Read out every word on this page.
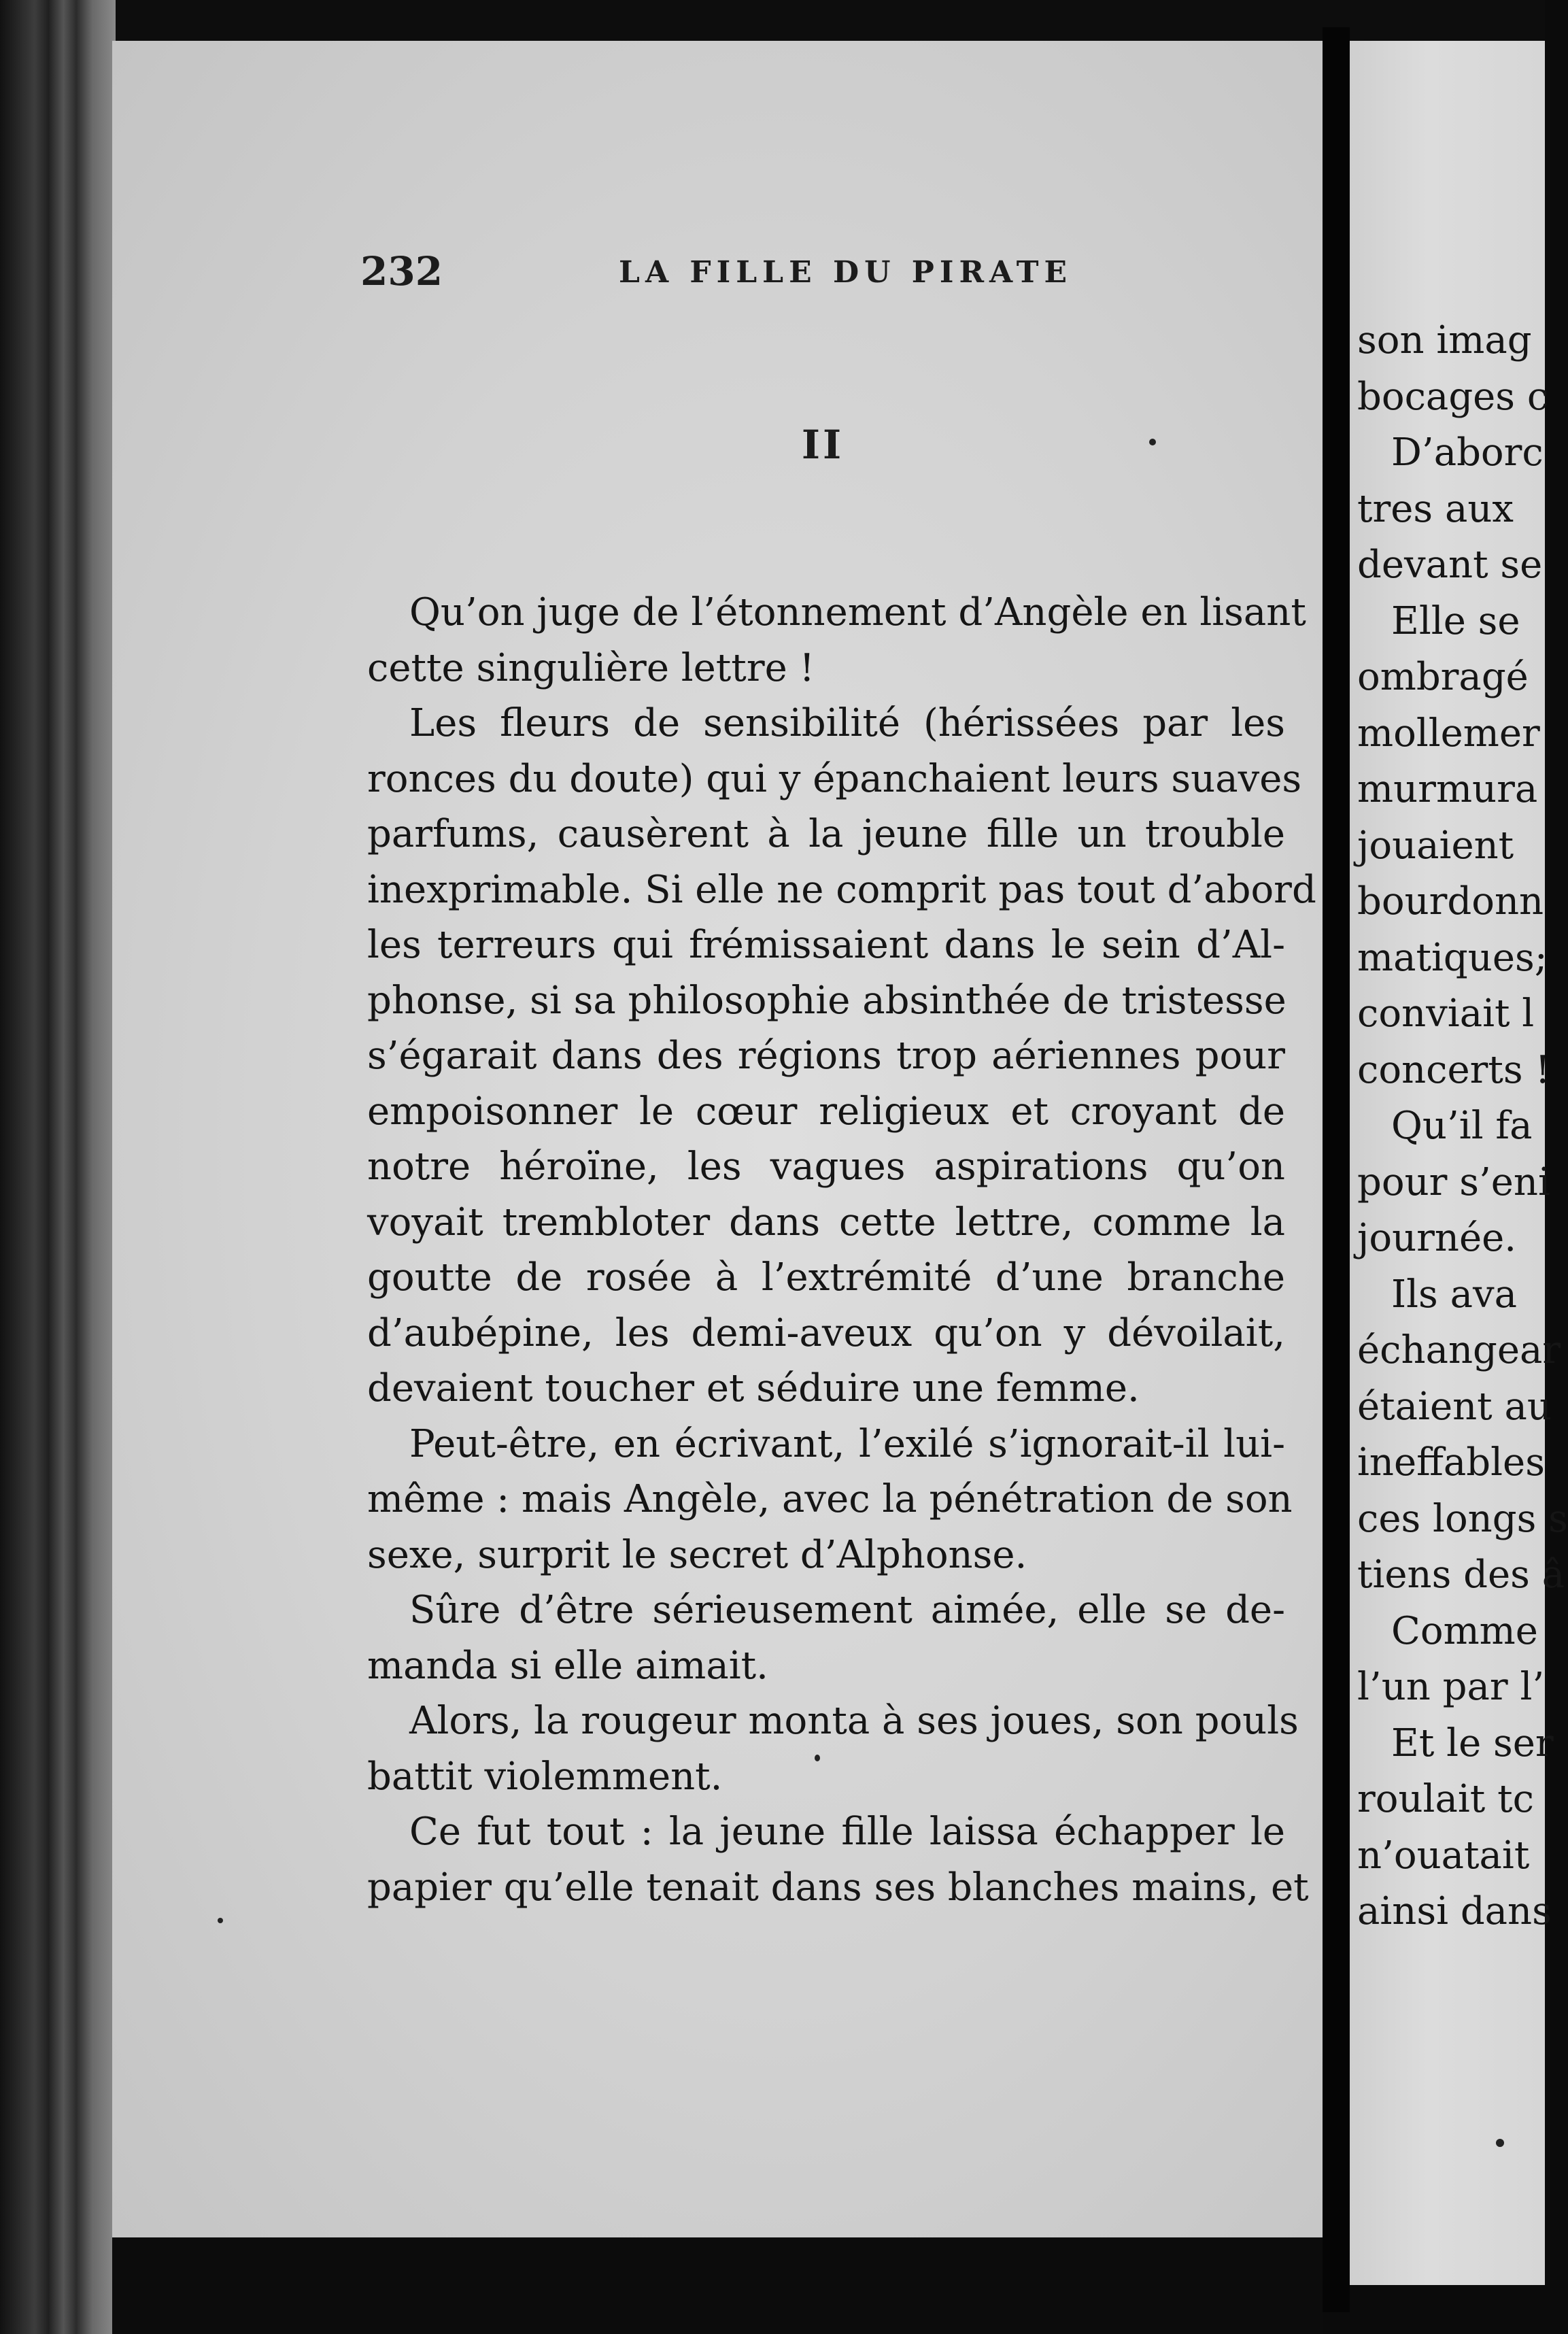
232	LA FILLE DU PIRATE
II
Qu’on juge de l’étonnement d’Angèle en lisant
cette singulière lettre !
Les fleurs de sensibilité (hérissées par les
ronces du doute) qui y épanchaient leurs suaves
parfums, causèrent à la jeune fille un trouble
inexprimable. Si elle ne comprit pas tout d’abord
les terreurs qui frémissaient dans le sein d’Al-
phonse, si sa philosophie absinthée de tristesse
s’égarait dans des régions trop aériennes pour
empoisonner le cœur religieux et croyant de
notre héroïne, les vagues aspirations qu’on
voyait trembloter dans cette lettre, comme la
goutte de rosée à l’extrémité d’une branche
d’aubépine, les demi-aveux qu’on y dévoilait,
devaient toucher et séduire une femme.
Peut-être, en écrivant, l’exilé s’ignorait-il lui-
même : mais Angèle, avec la pénétration de son
sexe, surprit le secret d’Alphonse.
Sûre d’être sérieusement aimée, elle se de-
manda si elle aimait.
Alors, la rougeur monta à ses joues, son pouls
battit violemment.
Ce fut tout : la jeune fille laissa échapper le
papier qu’elle tenait dans ses blanches mains, et
son imag
bocages c
D’aborc
tres aux
devant se
Elle se
ombragé
mollemer
murmura
jouaient
bourdonn
matiques;
conviait l
concerts !
Qu’il fa
pour s’eni
journée.
Ils ava
échangear
étaient au
ineffables
ces longs s
tiens des â
Comme
l’un par l’
Et le ser
roulait tc
n’ouatait
ainsi dans
